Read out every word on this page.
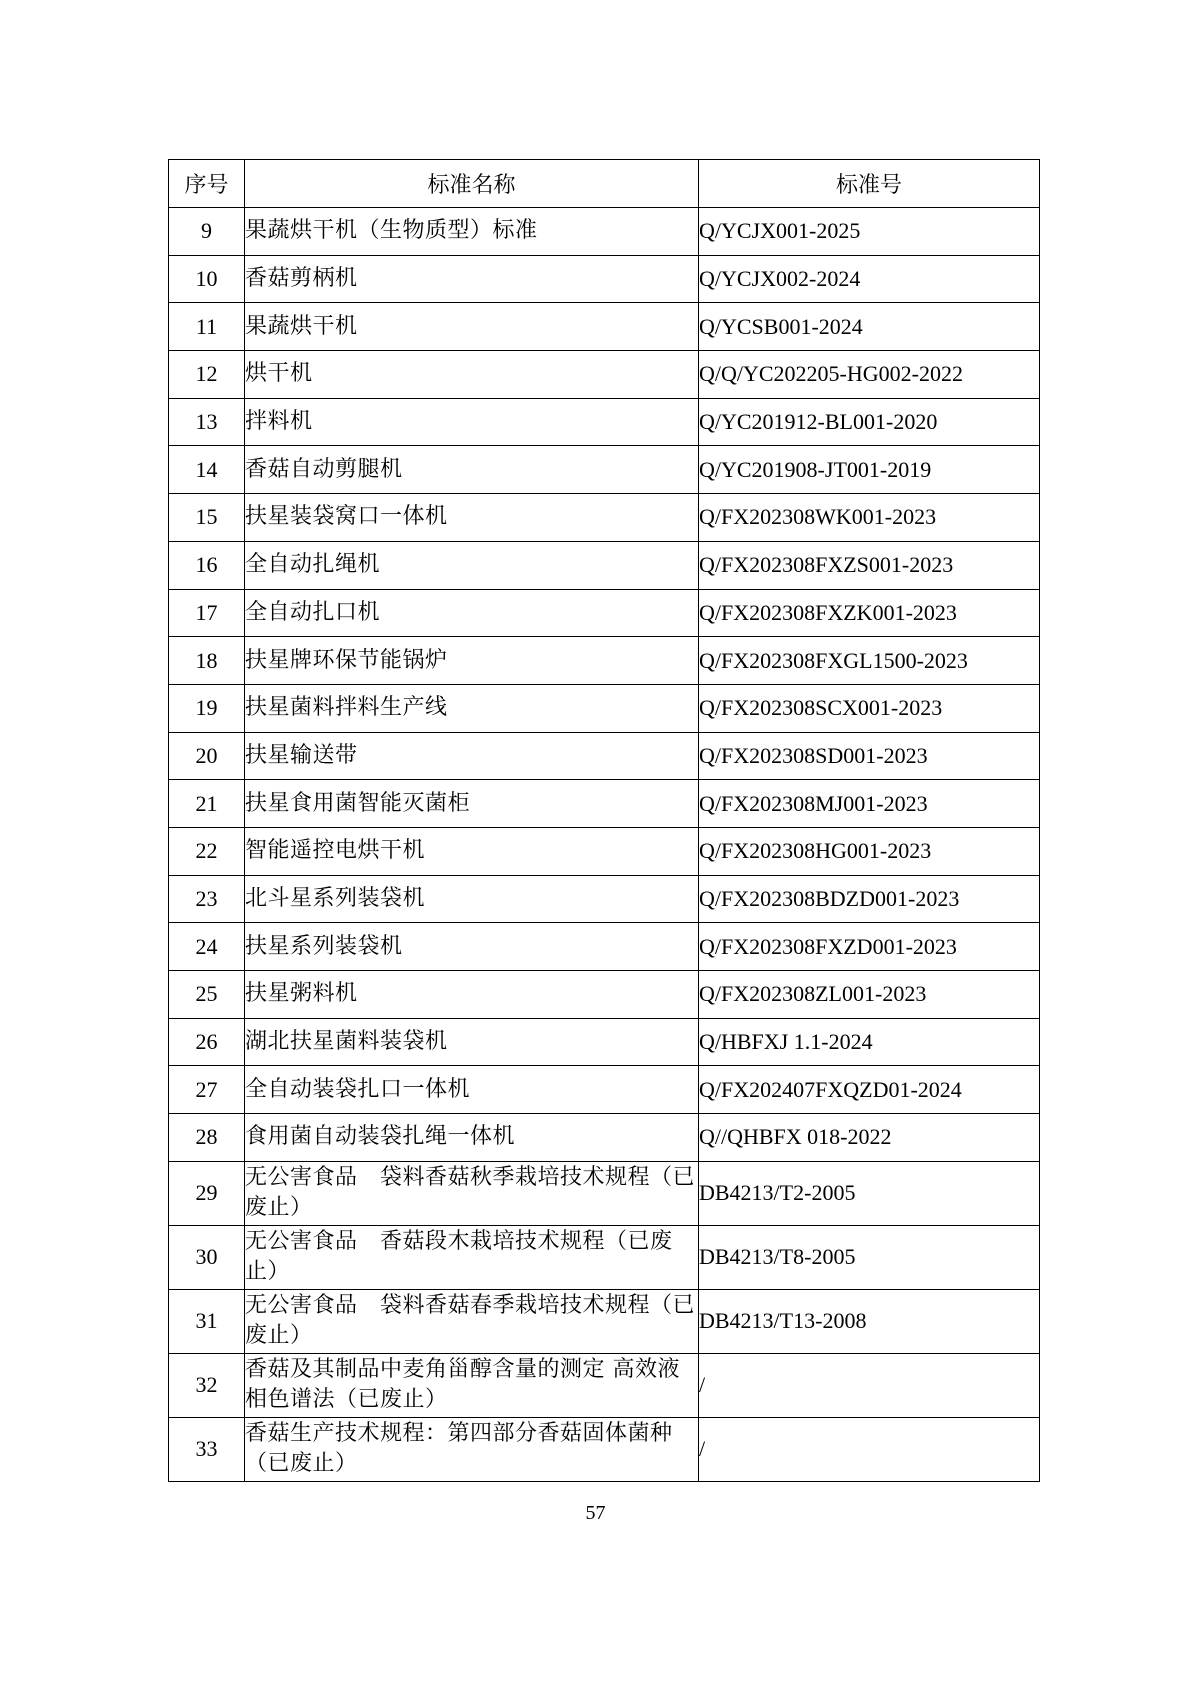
序号	标准名称	标准号
9	果蔬烘干机（生物质型）标准	Q/YCJX001-2025
10	香菇剪柄机	Q/YCJX002-2024
11	果蔬烘干机	Q/YCSB001-2024
12	烘干机	Q/Q/YC202205-HG002-2022
13	拌料机	Q/YC201912-BL001-2020
14	香菇自动剪腿机	Q/YC201908-JT001-2019
15	扶星装袋窝口一体机	Q/FX202308WK001-2023
16	全自动扎绳机	Q/FX202308FXZS001-2023
17	全自动扎口机	Q/FX202308FXZK001-2023
18	扶星牌环保节能锅炉	Q/FX202308FXGL1500-2023
19	扶星菌料拌料生产线	Q/FX202308SCX001-2023
20	扶星输送带	Q/FX202308SD001-2023
21	扶星食用菌智能灭菌柜	Q/FX202308MJ001-2023
22	智能遥控电烘干机	Q/FX202308HG001-2023
23	北斗星系列装袋机	Q/FX202308BDZD001-2023
24	扶星系列装袋机	Q/FX202308FXZD001-2023
25	扶星粥料机	Q/FX202308ZL001-2023
26	湖北扶星菌料装袋机	Q/HBFXJ 1.1-2024
27	全自动装袋扎口一体机	Q/FX202407FXQZD01-2024
28	食用菌自动装袋扎绳一体机	Q//QHBFX 018-2022
29	无公害食品　袋料香菇秋季栽培技术规程（已废止）	DB4213/T2-2005
30	无公害食品　香菇段木栽培技术规程（已废止）	DB4213/T8-2005
31	无公害食品　袋料香菇春季栽培技术规程（已废止）	DB4213/T13-2008
32	香菇及其制品中麦角甾醇含量的测定 高效液相色谱法（已废止）	/
33	香菇生产技术规程：第四部分香菇固体菌种（已废止）	/
57
